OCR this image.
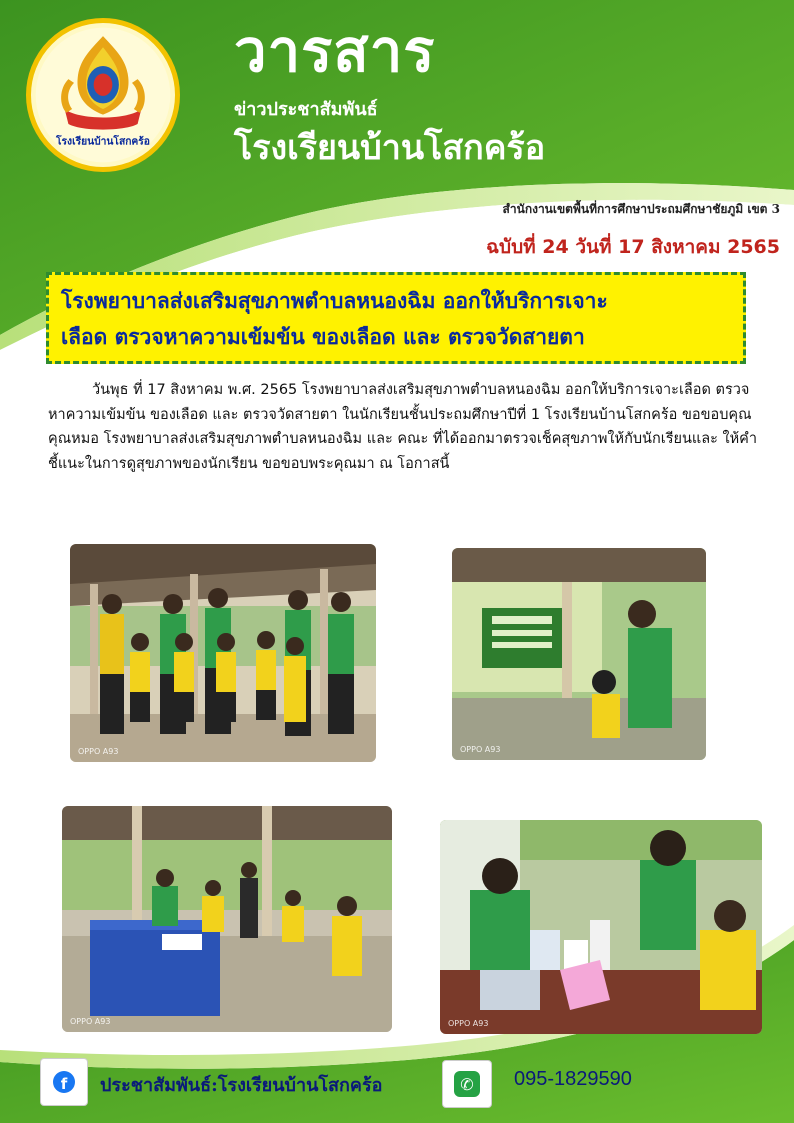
โรงเรียนบ้านโสกคร้อ
วารสาร
ข่าวประชาสัมพันธ์
โรงเรียนบ้านโสกคร้อ
สำนักงานเขตพื้นที่การศึกษาประถมศึกษาชัยภูมิ เขต 3
ฉบับที่ 24 วันที่ 17 สิงหาคม 2565

โรงพยาบาลส่งเสริมสุขภาพตำบลหนองฉิม ออกให้บริการเจาะ

เลือด ตรวจหาความเข้มข้น ของเลือด และ ตรวจวัดสายตา

วันพุธ ที่ 17 สิงหาคม พ.ศ. 2565 โรงพยาบาลส่งเสริมสุขภาพตำบลหนองฉิม ออกให้บริการเจาะเลือด ตรวจหาความเข้มข้น ของเลือด และ ตรวจวัดสายตา ในนักเรียนชั้นประถมศึกษาปีที่ 1 โรงเรียนบ้านโสกคร้อ ขอขอบคุณ คุณหมอ โรงพยาบาลส่งเสริมสุขภาพตำบลหนองฉิม และ คณะ ที่ได้ออกมาตรวจเช็คสุขภาพให้กับนักเรียนและ ให้คำชี้แนะในการดูสุขภาพของนักเรียน ขอขอบพระคุณมา ณ โอกาสนี้

OPPO A93	OPPO A93
OPPO A93	OPPO A93
f	ประชาสัมพันธ์:โรงเรียนบ้านโสกคร้อ	✆	095-1829590
